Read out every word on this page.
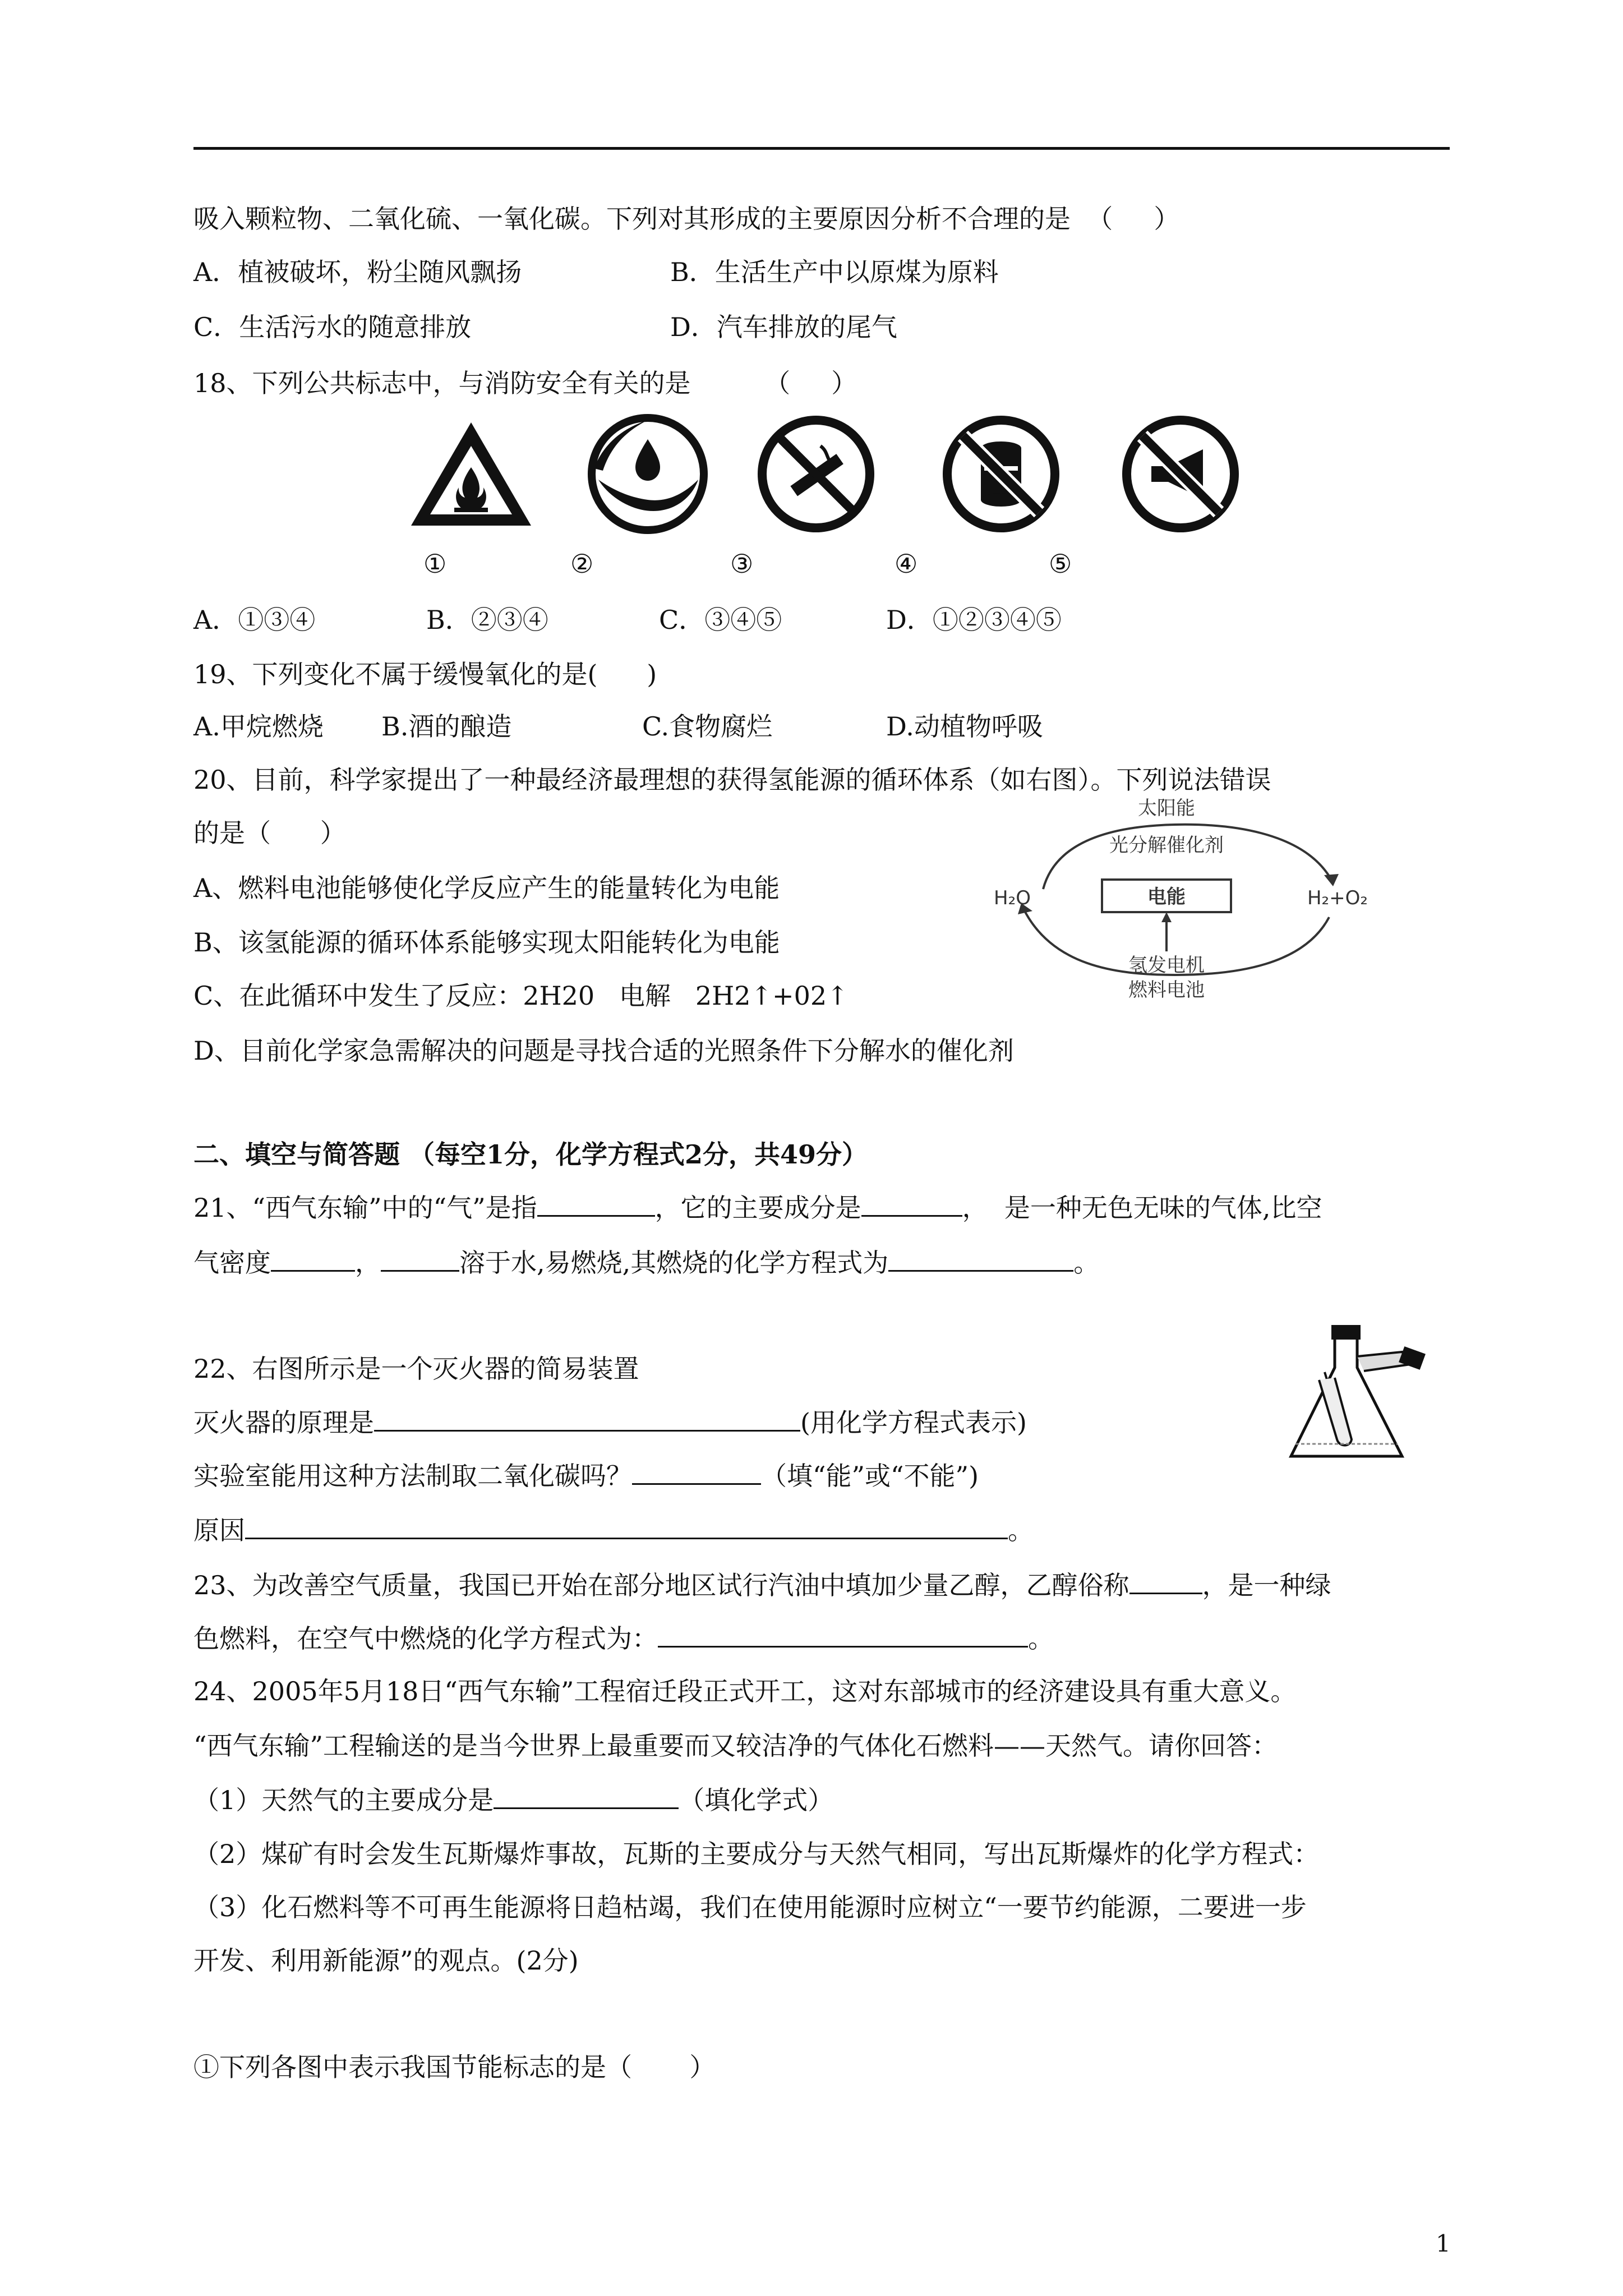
吸入颗粒物、二氧化硫、一氧化碳。下列对其形成的主要原因分析不合理的是  （     ）
A．植被破坏，粉尘随风飘扬	B．生活生产中以原煤为原料
C．生活污水的随意排放	D．汽车排放的尾气
18、下列公共标志中，与消防安全有关的是         （     ）
①	②	③	④	⑤
A．①③④	B．②③④	C．③④⑤	D．①②③④⑤
19、下列变化不属于缓慢氧化的是(      )
A.甲烷燃烧 B.酒的酿造	C.食物腐烂	D.动植物呼吸
20、目前，科学家提出了一种最经济最理想的获得氢能源的循环体系（如右图）。下列说法错误
的是（      ）
A、燃料电池能够使化学反应产生的能量转化为电能
B、该氢能源的循环体系能够实现太阳能转化为电能
C、在此循环中发生了反应：2H20   电解   2H2↑+02↑
D、目前化学家急需解决的问题是寻找合适的光照条件下分解水的催化剂
太阳能
光分解催化剂
H₂O	H₂+O₂
电能
氢发电机
燃料电池
二、填空与简答题 （每空1分，化学方程式2分，共49分）
21、“西气东输”中的“气”是指	，它的主要成分是	，  是一种无色无味的气体,比空
气密度	，	溶于水,易燃烧,其燃烧的化学方程式为	。
22、右图所示是一个灭火器的简易装置
灭火器的原理是	(用化学方程式表示)
实验室能用这种方法制取二氧化碳吗？	（填“能”或“不能”)
原因	。
23、为改善空气质量，我国已开始在部分地区试行汽油中填加少量乙醇，乙醇俗称	，是一种绿
色燃料，在空气中燃烧的化学方程式为：	。
24、2005年5月18日“西气东输”工程宿迁段正式开工，这对东部城市的经济建设具有重大意义。
“西气东输”工程输送的是当今世界上最重要而又较洁净的气体化石燃料——天然气。请你回答：
（1）天然气的主要成分是	（填化学式）
（2）煤矿有时会发生瓦斯爆炸事故，瓦斯的主要成分与天然气相同，写出瓦斯爆炸的化学方程式：
（3）化石燃料等不可再生能源将日趋枯竭，我们在使用能源时应树立“一要节约能源，二要进一步
开发、利用新能源”的观点。(2分)
①下列各图中表示我国节能标志的是（       ）
1
